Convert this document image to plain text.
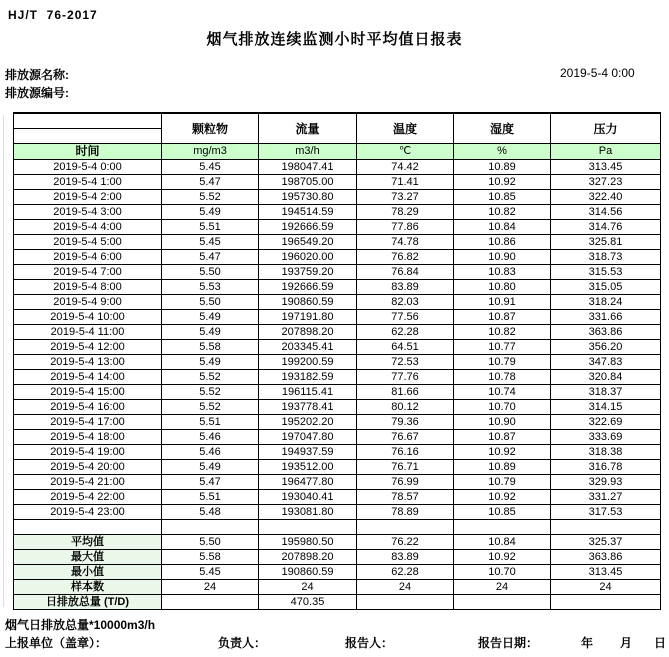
HJ/T  76-2017
烟气排放连续监测小时平均值日报表
排放源名称:
排放源编号:
2019-5-4 0:00
	颗粒物	流量	温度	湿度	压力

时间	mg/m3	m3/h	℃	%	Pa
2019-5-4 0:00	5.45	198047.41	74.42	10.89	313.45
2019-5-4 1:00	5.47	198705.00	71.41	10.92	327.23
2019-5-4 2:00	5.52	195730.80	73.27	10.85	322.40
2019-5-4 3:00	5.49	194514.59	78.29	10.82	314.56
2019-5-4 4:00	5.51	192666.59	77.86	10.84	314.76
2019-5-4 5:00	5.45	196549.20	74.78	10.86	325.81
2019-5-4 6:00	5.47	196020.00	76.82	10.90	318.73
2019-5-4 7:00	5.50	193759.20	76.84	10.83	315.53
2019-5-4 8:00	5.53	192666.59	83.89	10.80	315.05
2019-5-4 9:00	5.50	190860.59	82.03	10.91	318.24
2019-5-4 10:00	5.49	197191.80	77.56	10.87	331.66
2019-5-4 11:00	5.49	207898.20	62.28	10.82	363.86
2019-5-4 12:00	5.58	203345.41	64.51	10.77	356.20
2019-5-4 13:00	5.49	199200.59	72.53	10.79	347.83
2019-5-4 14:00	5.52	193182.59	77.76	10.78	320.84
2019-5-4 15:00	5.52	196115.41	81.66	10.74	318.37
2019-5-4 16:00	5.52	193778.41	80.12	10.70	314.15
2019-5-4 17:00	5.51	195202.20	79.36	10.90	322.69
2019-5-4 18:00	5.46	197047.80	76.67	10.87	333.69
2019-5-4 19:00	5.46	194937.59	76.16	10.92	318.38
2019-5-4 20:00	5.49	193512.00	76.71	10.89	316.78
2019-5-4 21:00	5.47	196477.80	76.99	10.79	329.93
2019-5-4 22:00	5.51	193040.41	78.57	10.92	331.27
2019-5-4 23:00	5.48	193081.80	78.89	10.85	317.53

平均值	5.50	195980.50	76.22	10.84	325.37
最大值	5.58	207898.20	83.89	10.92	363.86
最小值	5.45	190860.59	62.28	10.70	313.45
样本数	24	24	24	24	24
日排放总量 (T/D)		470.35			
烟气日排放总量*10000m3/h
上报单位（盖章）：	负责人：	报告人：	报告日期：	年 月 日
